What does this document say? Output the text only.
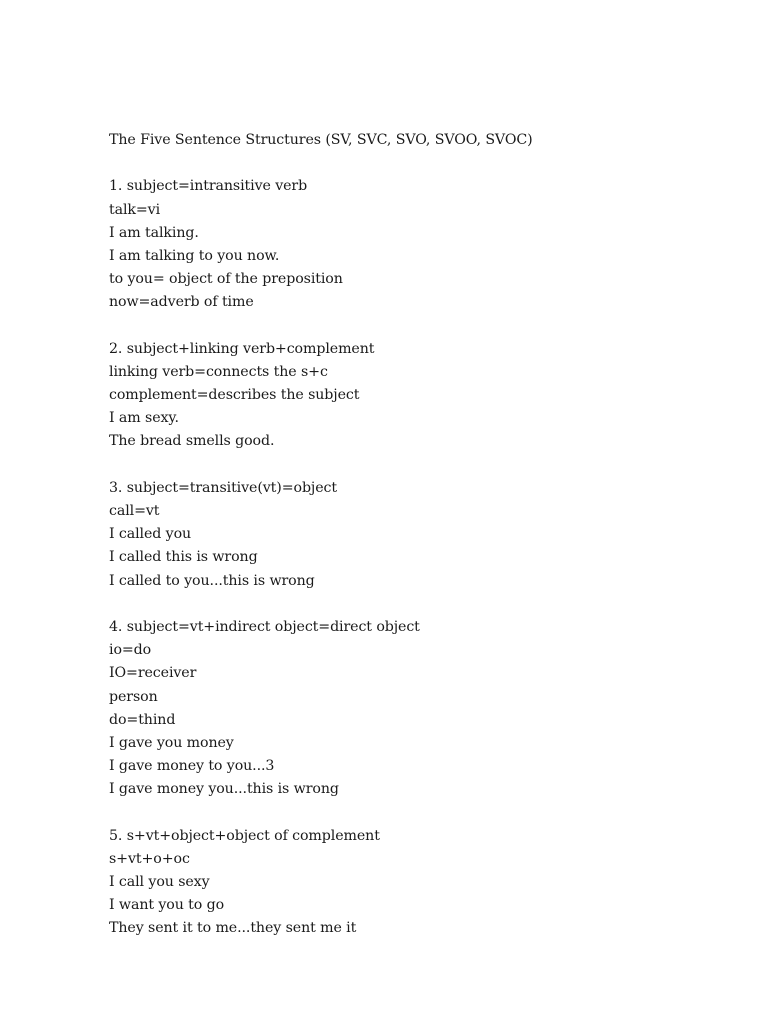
The Five Sentence Structures (SV, SVC, SVO, SVOO, SVOC)
1. subject=intransitive verb
talk=vi
I am talking.
I am talking to you now.
to you= object of the preposition
now=adverb of time
2. subject+linking verb+complement
linking verb=connects the s+c
complement=describes the subject
I am sexy.
The bread smells good.
3. subject=transitive(vt)=object
call=vt
I called you
I called this is wrong
I called to you...this is wrong
4. subject=vt+indirect object=direct object
io=do
IO=receiver
person
do=thind
I gave you money
I gave money to you...3
I gave money you...this is wrong
5. s+vt+object+object of complement
s+vt+o+oc
I call you sexy
I want you to go
They sent it to me...they sent me it
